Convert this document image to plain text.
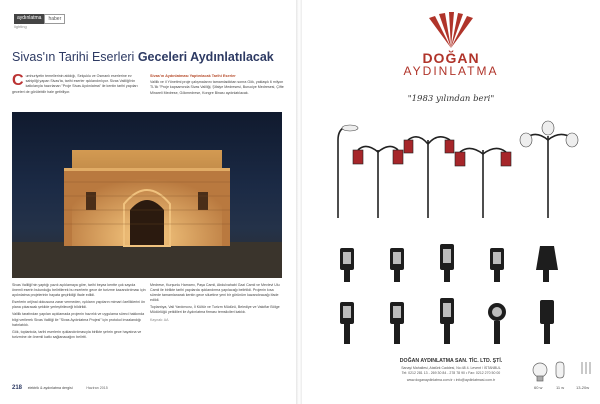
aydınlatma	haber
lighting
Sivas'ın Tarihi Eserleri Geceleri Aydınlatılacak
C umhuriyetin temellerinin atıldığı, Selçuklu ve Osmanlı eserlerine ev sahipliği yapan Sivas'ta, tarihi eserler ışıklandırılıyor. Sivas Valiliği'nin katkılarıyla hazırlanan "Proje Sivas Aydınlatma" ile kentin tarihi yapıları geceleri de görülebilir hale getiriliyor.
Sivas'ın Aydınlatması Yaptırılacak Tarihi Eserler
Valilik ve il Yönetimi proje çalışmalarını tamamladıktan sonra Gök, yaklaşık 6 milyon TL'lik "Proje kapsamında Sivas Valiliği, Şifaiye Medresesi, Buruciye Medresesi, Çifte Minareli Medrese, Gökmedrese, Kongre Binası aydınlatılacak.

Sivas Valiliği'nin yaptığı yazılı açıklamaya göre, tarihi beyaz kentte çok sayıda önemli eserin bulunduğu belirtilerek bu eserlerin gece de turizme kazandırılması için aydınlatma projelerinin hayata geçirildiği ifade edildi.

Eserlerin orijinal dokusuna zarar vermeden, ışıkların yapıların mimari özelliklerini ön plana çıkaracak şekilde yerleştirileceği bildirildi.

Valilik tarafından yapılan açıklamada projenin hazırlık ve uygulama süreci hakkında bilgi verilerek Sivas Valiliği ile "Sivas Aydınlatma Projesi" için protokol imzalandığı hatırlatıldı.

Gök, toplantıda, tarihi eserlerin ışıklandırılmasıyla birlikte şehrin gece hayatına ve turizmine de önemli katkı sağlanacağını belirtti.

Medrese, Kurşunlu Hamamı, Paşa Camii, Abdulvahabi Gazi Camii ve Mevlevi Ulu Camii ile birlikte tarihi yapılarda ışıklandırma yapılacağı belirtildi. Projenin kısa sürede tamamlanarak kentin gece siluetine yeni bir görünüm kazandıracağı ifade edildi.

Toplantıya, Vali Yardımcısı, İl Kültür ve Turizm Müdürü, Belediye ve Vakıflar Bölge Müdürlüğü yetkilileri ile Aydınlatma firması temsilcileri katıldı.

Kaynak: AA
218 elektrik & aydınlatma dergisi	Haziran 2015
DOĞAN
AYDINLATMA
"1983 yılından beri"
DOĞAN AYDINLATMA SAN. TİC. LTD. ŞTİ.
Sanayi Mahallesi, Atatürk Caddesi, No:48 4. Levent / İSTANBUL
Tel: 0212 281 13 - 269 30 84 - 278 78 90 • Fax: 0212 270 50 00
www.doganaydinlatma.com.tr • info@aydinlatmasi.com.tr
60 w	11 w	13-20w
